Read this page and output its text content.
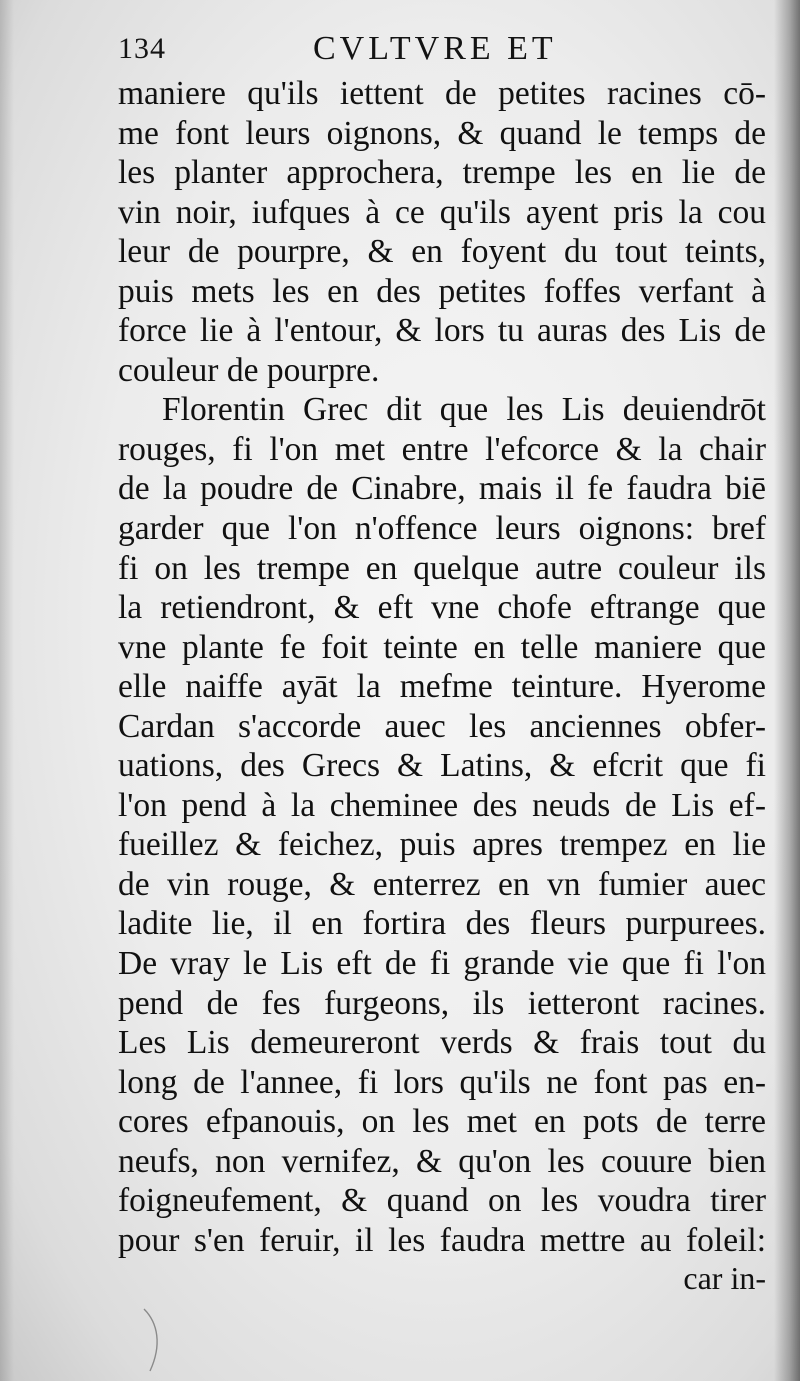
134	CVLTVRE ET
maniere qu'ils iettent de petites racines cō-
me font leurs oignons, & quand le temps de
les planter approchera, trempe les en lie de
vin noir, iufques à ce qu'ils ayent pris la cou
leur de pourpre, & en foyent du tout teints,
puis mets les en des petites foffes verfant à
force lie à l'entour, & lors tu auras des Lis de
couleur de pourpre.
Florentin Grec dit que les Lis deuiendrōt
rouges, fi l'on met entre l'efcorce & la chair
de la poudre de Cinabre, mais il fe faudra biē
garder que l'on n'offence leurs oignons: bref
fi on les trempe en quelque autre couleur ils
la retiendront, & eft vne chofe eftrange que
vne plante fe foit teinte en telle maniere que
elle naiffe ayāt la mefme teinture. Hyerome
Cardan s'accorde auec les anciennes obfer-
uations, des Grecs & Latins, & efcrit que fi
l'on pend à la cheminee des neuds de Lis ef-
fueillez & feichez, puis apres trempez en lie
de vin rouge, & enterrez en vn fumier auec
ladite lie, il en fortira des fleurs purpurees.
De vray le Lis eft de fi grande vie que fi l'on
pend de fes furgeons, ils ietteront racines.
Les Lis demeureront verds & frais tout du
long de l'annee, fi lors qu'ils ne font pas en-
cores efpanouis, on les met en pots de terre
neufs, non vernifez, & qu'on les couure bien
foigneufement, & quand on les voudra tirer
pour s'en feruir, il les faudra mettre au foleil:
car in-
